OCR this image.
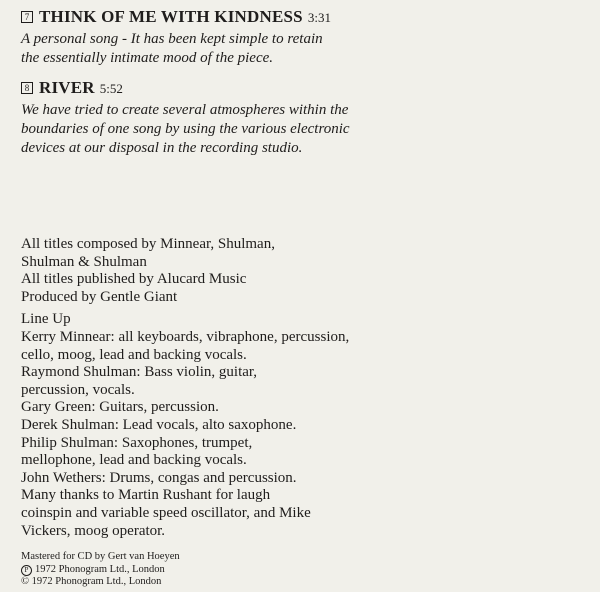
7 THINK OF ME WITH KINDNESS 3:31
A personal song - It has been kept simple to retain the essentially intimate mood of the piece.
8 RIVER 5:52
We have tried to create several atmospheres within the boundaries of one song by using the various electronic devices at our disposal in the recording studio.

All titles composed by Minnear, Shulman, Shulman & Shulman

All titles published by Alucard Music

Produced by Gentle Giant

Line Up

Kerry Minnear: all keyboards, vibraphone, percussion, cello, moog, lead and backing vocals.

Raymond Shulman: Bass violin, guitar, percussion, vocals.

Gary Green: Guitars, percussion.

Derek Shulman: Lead vocals, alto saxophone.

Philip Shulman: Saxophones, trumpet, mellophone, lead and backing vocals.

John Wethers: Drums, congas and percussion.

Many thanks to Martin Rushant for laugh coinspin and variable speed oscillator, and Mike Vickers, moog operator.

Mastered for CD by Gert van Hoeyen

P 1972 Phonogram Ltd., London

© 1972 Phonogram Ltd., London
